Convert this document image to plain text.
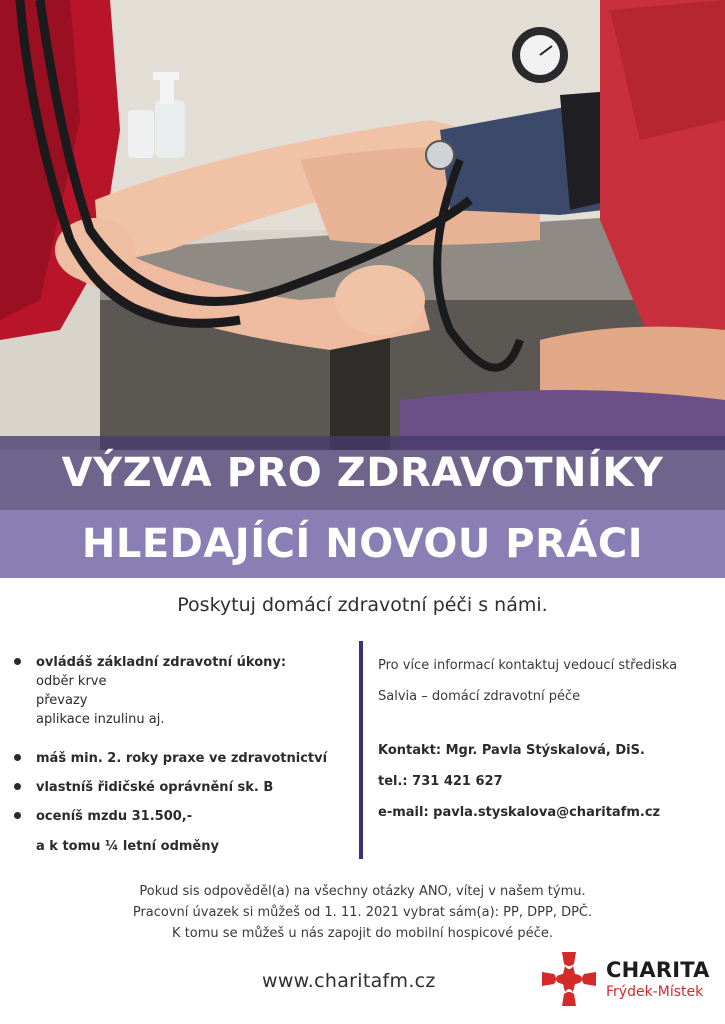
VÝZVA PRO ZDRAVOTNÍKY
HLEDAJÍCÍ NOVOU PRÁCI

Poskytuj domácí zdravotní péči s námi.

ovládáš základní zdravotní úkony:
odběr krve
převazy
aplikace inzulinu aj.
máš min. 2. roky praxe ve zdravotnictví
vlastníš řidičské oprávnění sk. B
oceníš mzdu 31.500,-
a k tomu ¼ letní odměny
Pro více informací kontaktuj vedoucí střediska
Salvia – domácí zdravotní péče
Kontakt: Mgr. Pavla Stýskalová, DiS.
tel.: 731 421 627
e-mail: pavla.styskalova@charitafm.cz
Pokud sis odpověděl(a) na všechny otázky ANO, vítej v našem týmu.
Pracovní úvazek si můžeš od 1. 11. 2021 vybrat sám(a): PP, DPP, DPČ.
K tomu se můžeš u nás zapojit do mobilní hospicové péče.
www.charitafm.cz	CHARITA
Frýdek-Místek
